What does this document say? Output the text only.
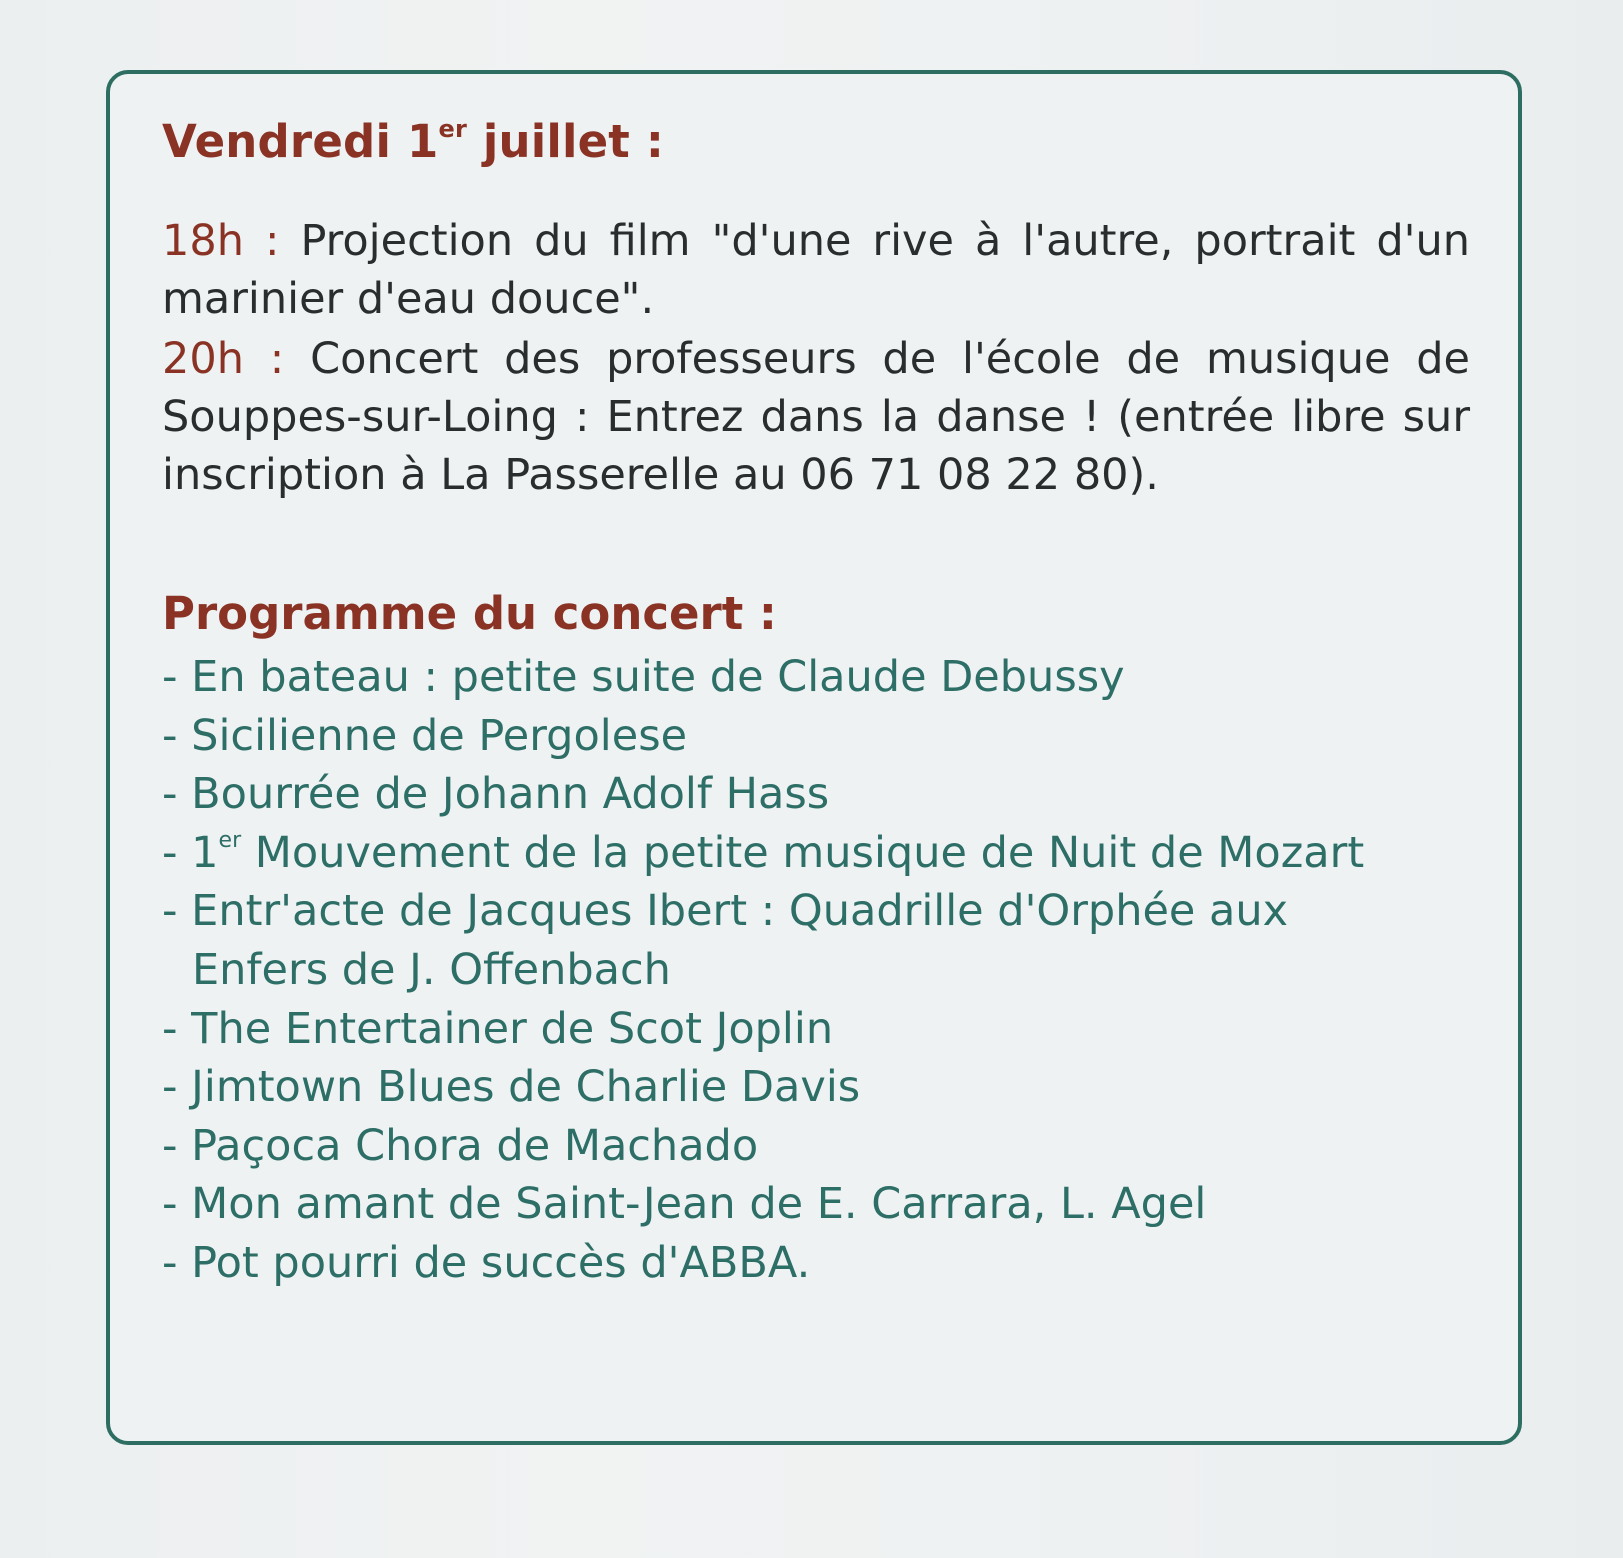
Vendredi 1er juillet :

18h : Projection du film "d'une rive à l'autre, portrait d'un marinier d'eau douce".

20h : Concert des professeurs de l'école de musique de Souppes-sur-Loing : Entrez dans la danse ! (entrée libre sur inscription à La Passerelle au 06 71 08 22 80).

Programme du concert :
- En bateau : petite suite de Claude Debussy
- Sicilienne de Pergolese
- Bourrée de Johann Adolf Hass
- 1er Mouvement de la petite musique de Nuit de Mozart
- Entr'acte de Jacques Ibert : Quadrille d'Orphée aux Enfers de J. Offenbach
- The Entertainer de Scot Joplin
- Jimtown Blues de Charlie Davis
- Paçoca Chora de Machado
- Mon amant de Saint-Jean de E. Carrara, L. Agel
- Pot pourri de succès d'ABBA.
